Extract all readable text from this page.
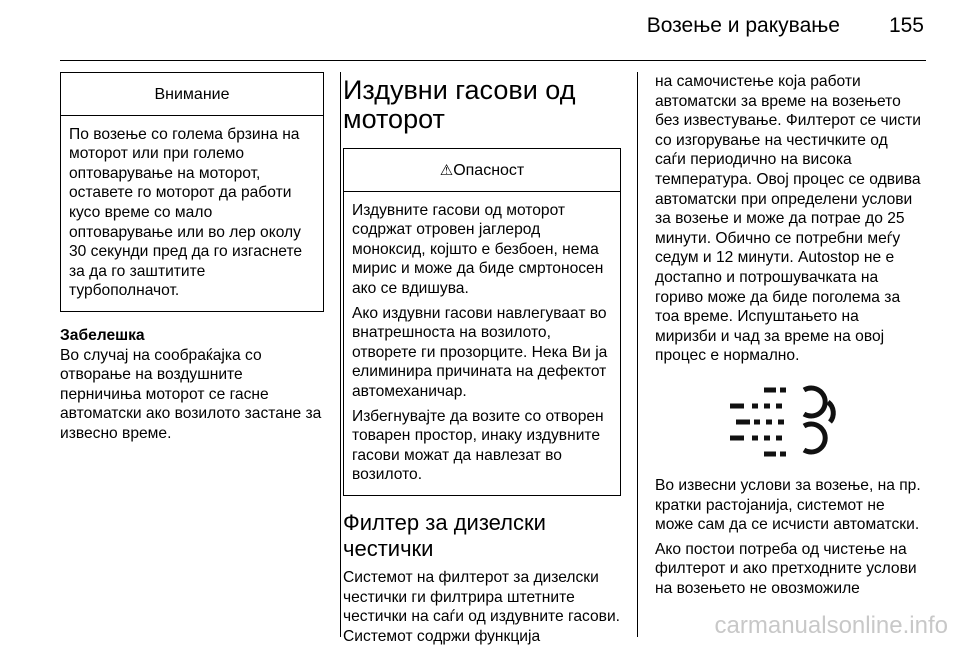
Возење и ракување	155
Внимание

По возење со голема брзина на моторот или при големо оптоварување на моторот, оставете го моторот да работи кусо време со мало оптоварување или во лер околу 30 секунди пред да го изгаснете за да го заштитите турбополначот.

Забелешка

Во случај на сообраќајка со отворање на воздушните перничиња моторот се гасне автоматски ако возилото застане за извесно време.

Издувни гасови од моторот
⚠Опасност

Издувните гасови од моторот содржат отровен јаглерод моноксид, којшто е безбоен, нема мирис и може да биде смртоносен ако се вдишува.

Ако издувни гасови навлегуваат во внатрешноста на возилото, отворете ги прозорците. Нека Ви ја елиминира причината на дефектот автомеханичар.

Избегнувајте да возите со отворен товарен простор, инаку издувните гасови можат да навлезат во возилото.

Филтер за дизелски честички

Системот на филтерот за дизелски честички ги филтрира штетните честички на саѓи од издувните гасови. Системот содржи функција

на самочистење која работи автоматски за време на возењето без известување. Филтерот се чисти со изгорување на честичките од саѓи периодично на висока температура. Овој процес се одвива автоматски при определени услови за возење и може да потрае до 25 минути. Обично се потребни меѓу седум и 12 минути. Autostop не е достапно и потрошувачката на гориво може да биде поголема за тоа време. Испуштањето на миризби и чад за време на овој процес е нормално.

Во извесни услови за возење, на пр. кратки растојанија, системот не може сам да се исчисти автоматски.

Ако постои потреба од чистење на филтерот и ако претходните услови на возењето не овозможиле

carmanualsonline.info
